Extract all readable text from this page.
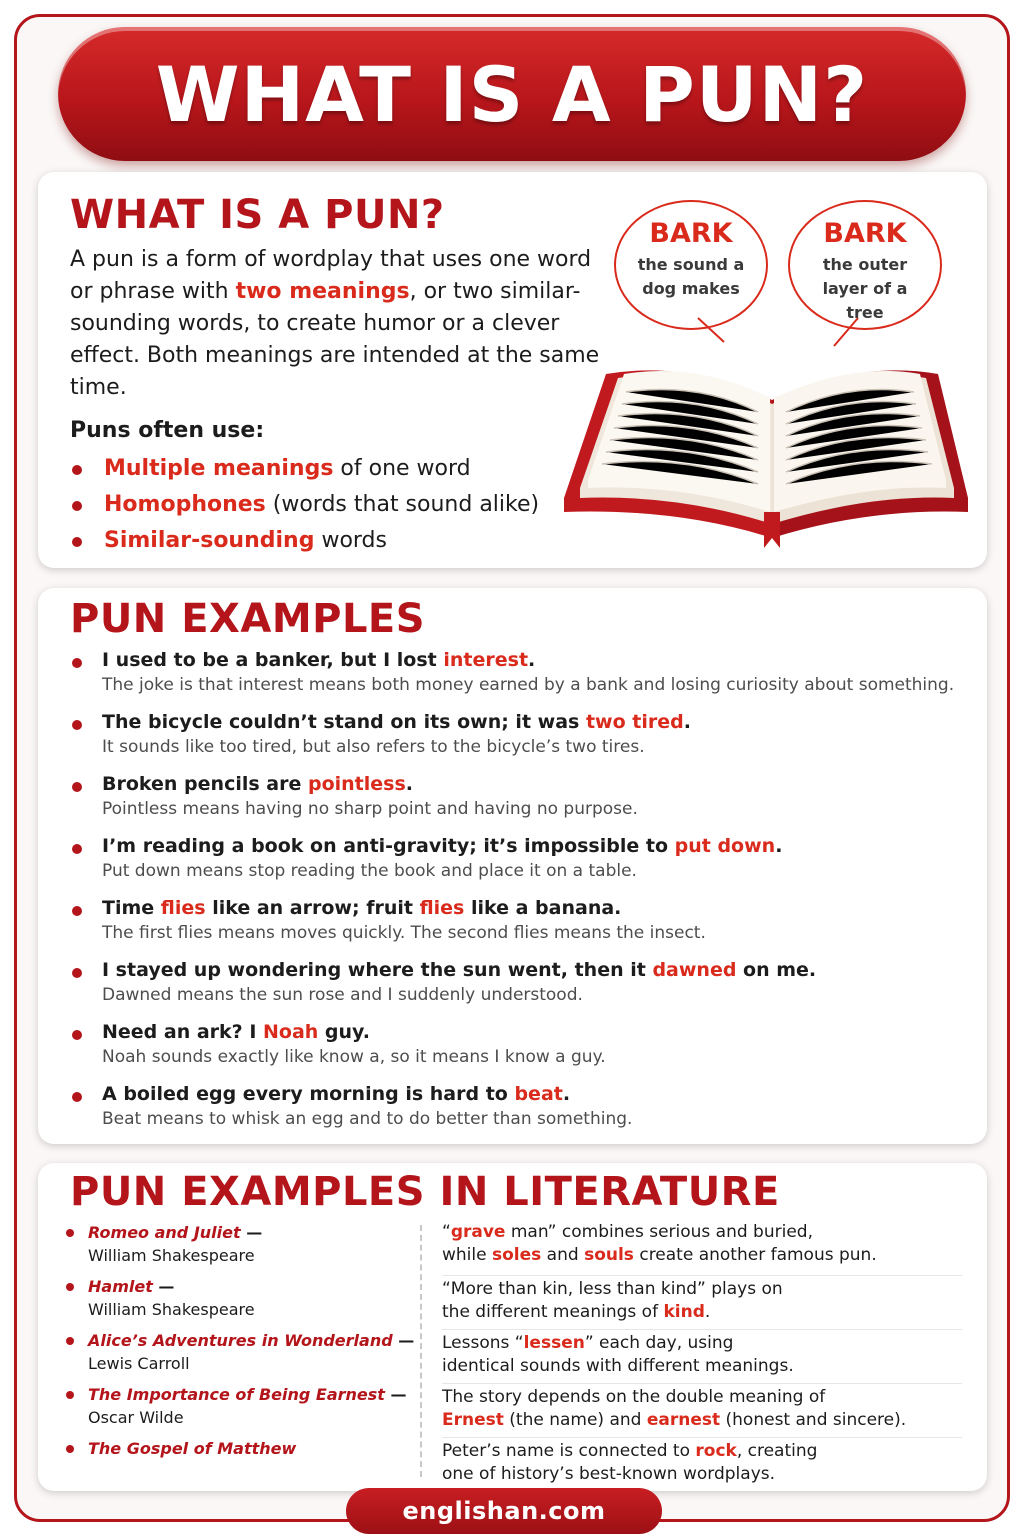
WHAT IS A PUN?
WHAT IS A PUN?

A pun is a form of wordplay that uses one word or phrase with two meanings, or two similar-sounding words, to create humor or a clever effect. Both meanings are intended at the same time.

Puns often use:
Multiple meanings of one word
Homophones (words that sound alike)
Similar-sounding words
BARK
the sound a dog makes
BARK
the outer layer of a tree
PUN EXAMPLES
I used to be a banker, but I lost interest.
The joke is that interest means both money earned by a bank and losing curiosity about something.
The bicycle couldn’t stand on its own; it was two tired.
It sounds like too tired, but also refers to the bicycle’s two tires.
Broken pencils are pointless.
Pointless means having no sharp point and having no purpose.
I’m reading a book on anti-gravity; it’s impossible to put down.
Put down means stop reading the book and place it on a table.
Time flies like an arrow; fruit flies like a banana.
The first flies means moves quickly. The second flies means the insect.
I stayed up wondering where the sun went, then it dawned on me.
Dawned means the sun rose and I suddenly understood.
Need an ark? I Noah guy.
Noah sounds exactly like know a, so it means I know a guy.
A boiled egg every morning is hard to beat.
Beat means to whisk an egg and to do better than something.
PUN EXAMPLES IN LITERATURE
Romeo and Juliet —
William Shakespeare
Hamlet —
William Shakespeare
Alice’s Adventures in Wonderland —
Lewis Carroll
The Importance of Being Earnest —
Oscar Wilde
The Gospel of Matthew
“grave man” combines serious and buried,
while soles and souls create another famous pun.
“More than kin, less than kind” plays on
the different meanings of kind.
Lessons “lessen” each day, using
identical sounds with different meanings.
The story depends on the double meaning of
Ernest (the name) and earnest (honest and sincere).
Peter’s name is connected to rock, creating
one of history’s best-known wordplays.
englishan.com
